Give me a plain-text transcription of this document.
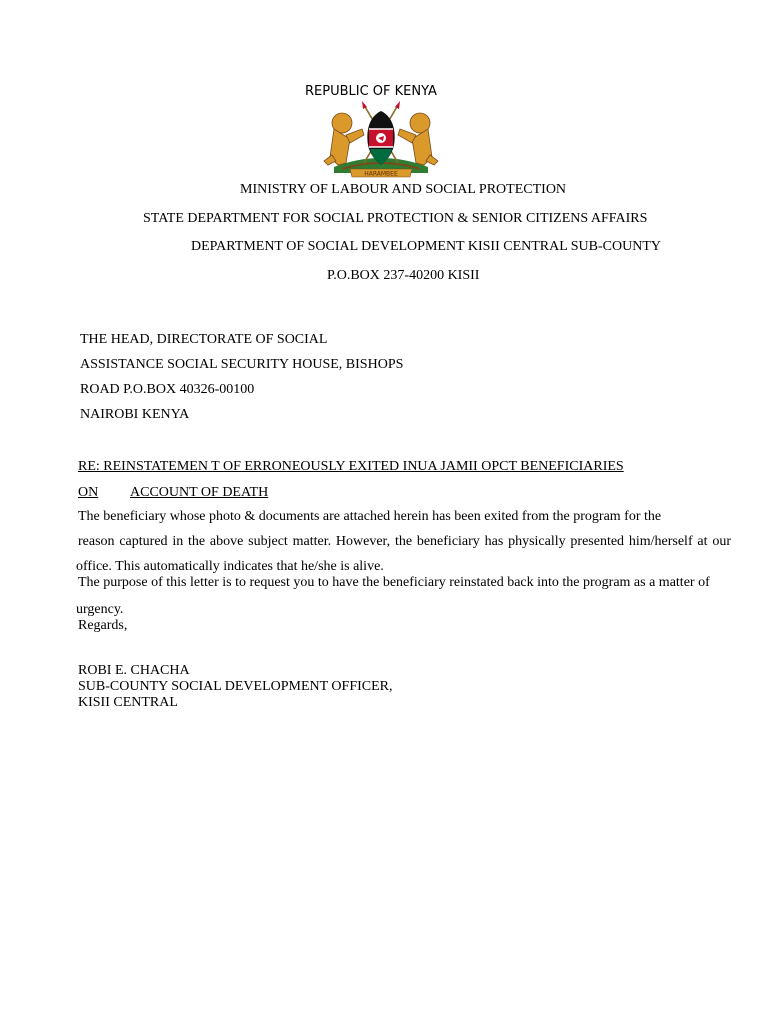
REPUBLIC OF KENYA
HARAMBEE
MINISTRY OF LABOUR AND SOCIAL PROTECTION
STATE DEPARTMENT FOR SOCIAL PROTECTION & SENIOR CITIZENS AFFAIRS
DEPARTMENT OF SOCIAL DEVELOPMENT KISII CENTRAL SUB-COUNTY
P.O.BOX 237-40200 KISII
THE HEAD, DIRECTORATE OF SOCIAL
ASSISTANCE SOCIAL SECURITY HOUSE, BISHOPS
ROAD P.O.BOX 40326-00100
NAIROBI KENYA
RE: REINSTATEMEN T OF ERRONEOUSLY EXITED INUA JAMII OPCT BENEFICIARIES
ON ACCOUNT OF DEATH
The beneficiary whose photo & documents are attached herein has been exited from the program for the
reason captured in the above subject matter. However, the beneficiary has physically presented him/herself at our
office. This automatically indicates that he/she is alive.
The purpose of this letter is to request you to have the beneficiary reinstated back into the program as a matter of
urgency.
Regards,
ROBI E. CHACHA
SUB-COUNTY SOCIAL DEVELOPMENT OFFICER,
KISII CENTRAL
